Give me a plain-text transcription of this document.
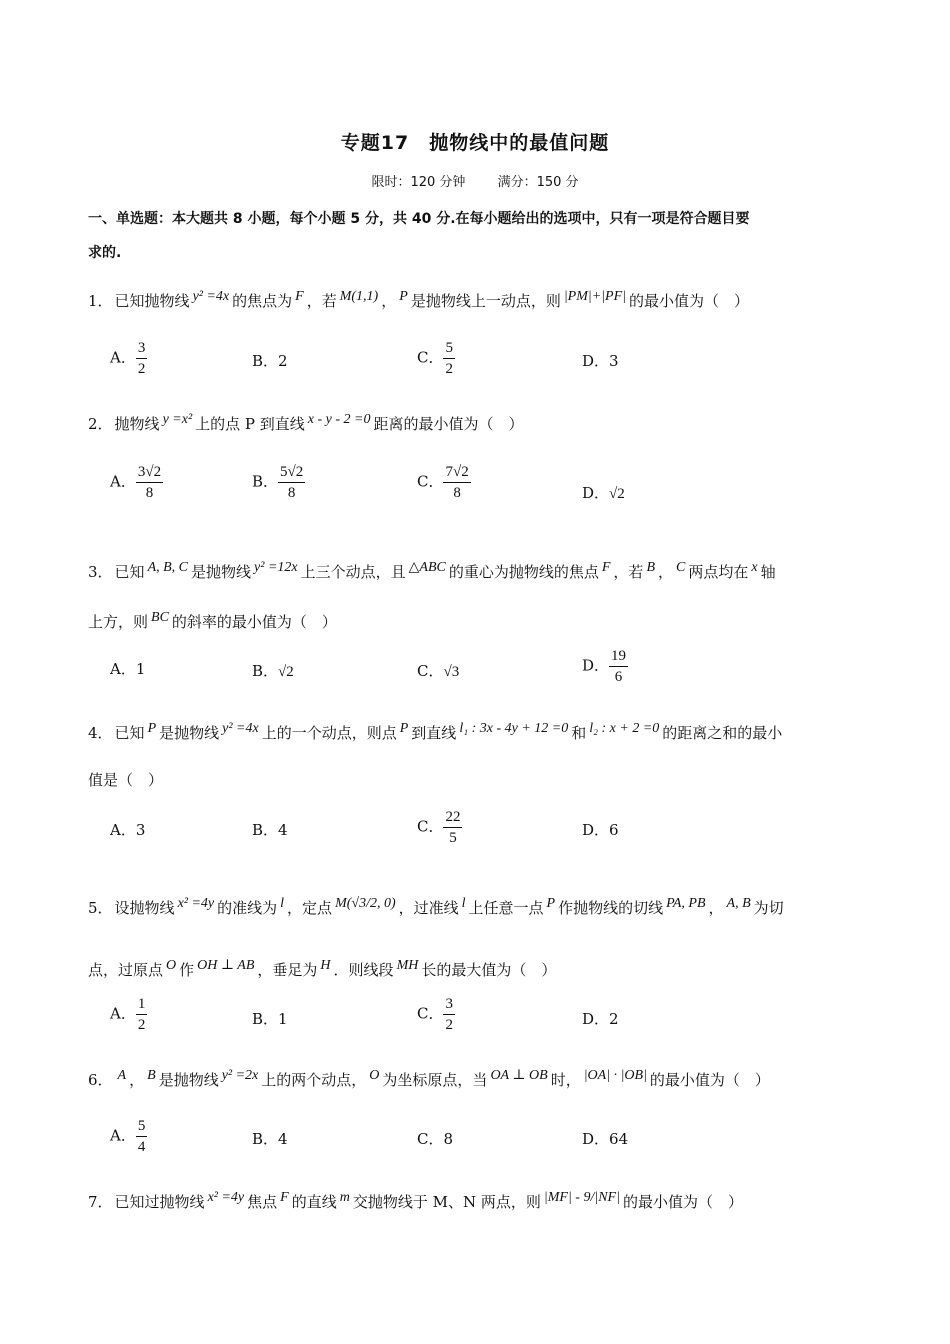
专题17　抛物线中的最值问题
限时：120 分钟 满分：150 分
一、单选题：本大题共 8 小题，每个小题 5 分，共 40 分.在每小题给出的选项中，只有一项是符合题目要
求的.
1． 已知抛物线 y² =4x 的焦点为 F ，若 M(1,1) ， P 是抛物线上一动点，则 |PM|+|PF| 的最小值为（　）
A． $\frac{3}{2}$	B．2	C． $\frac{5}{2}$	D．3
2． 抛物线 y =x² 上的点 P 到直线 x - y - 2 =0 距离的最小值为（　）
A． $\frac{3√2}{8}$	B． $\frac{5√2}{8}$	C． $\frac{7√2}{8}$	D．√2
3． 已知 A, B, C 是抛物线 y² =12x 上三个动点，且 △ABC 的重心为抛物线的焦点 F ，若 B ， C 两点均在 x 轴
上方，则 BC 的斜率的最小值为（　）
A．1	B．√2	C．√3	D． $\frac{19}{6}$
4． 已知 P 是抛物线 y² =4x 上的一个动点，则点 P 到直线 l₁ : 3x - 4y + 12 =0 和 l₂ : x + 2 =0 的距离之和的最小
值是（　）
A．3	B．4	C． $\frac{22}{5}$	D．6
5． 设抛物线 x² =4y 的准线为 l ，定点 M(√3/2, 0) ，过准线 l 上任意一点 P 作抛物线的切线 PA, PB ， A, B 为切
点，过原点 O 作 OH ⊥ AB ，垂足为 H ．则线段 MH 长的最大值为（　）
A． $\frac{1}{2}$	B．1	C． $\frac{3}{2}$	D．2
6． A ， B 是抛物线 y² =2x 上的两个动点， O 为坐标原点，当 OA ⊥ OB 时， |OA| · |OB| 的最小值为（　）
A． $\frac{5}{4}$	B．4	C．8	D．64
7． 已知过抛物线 x² =4y 焦点 F 的直线 m 交抛物线于 M、N 两点，则 |MF| - 9/|NF| 的最小值为（　）
